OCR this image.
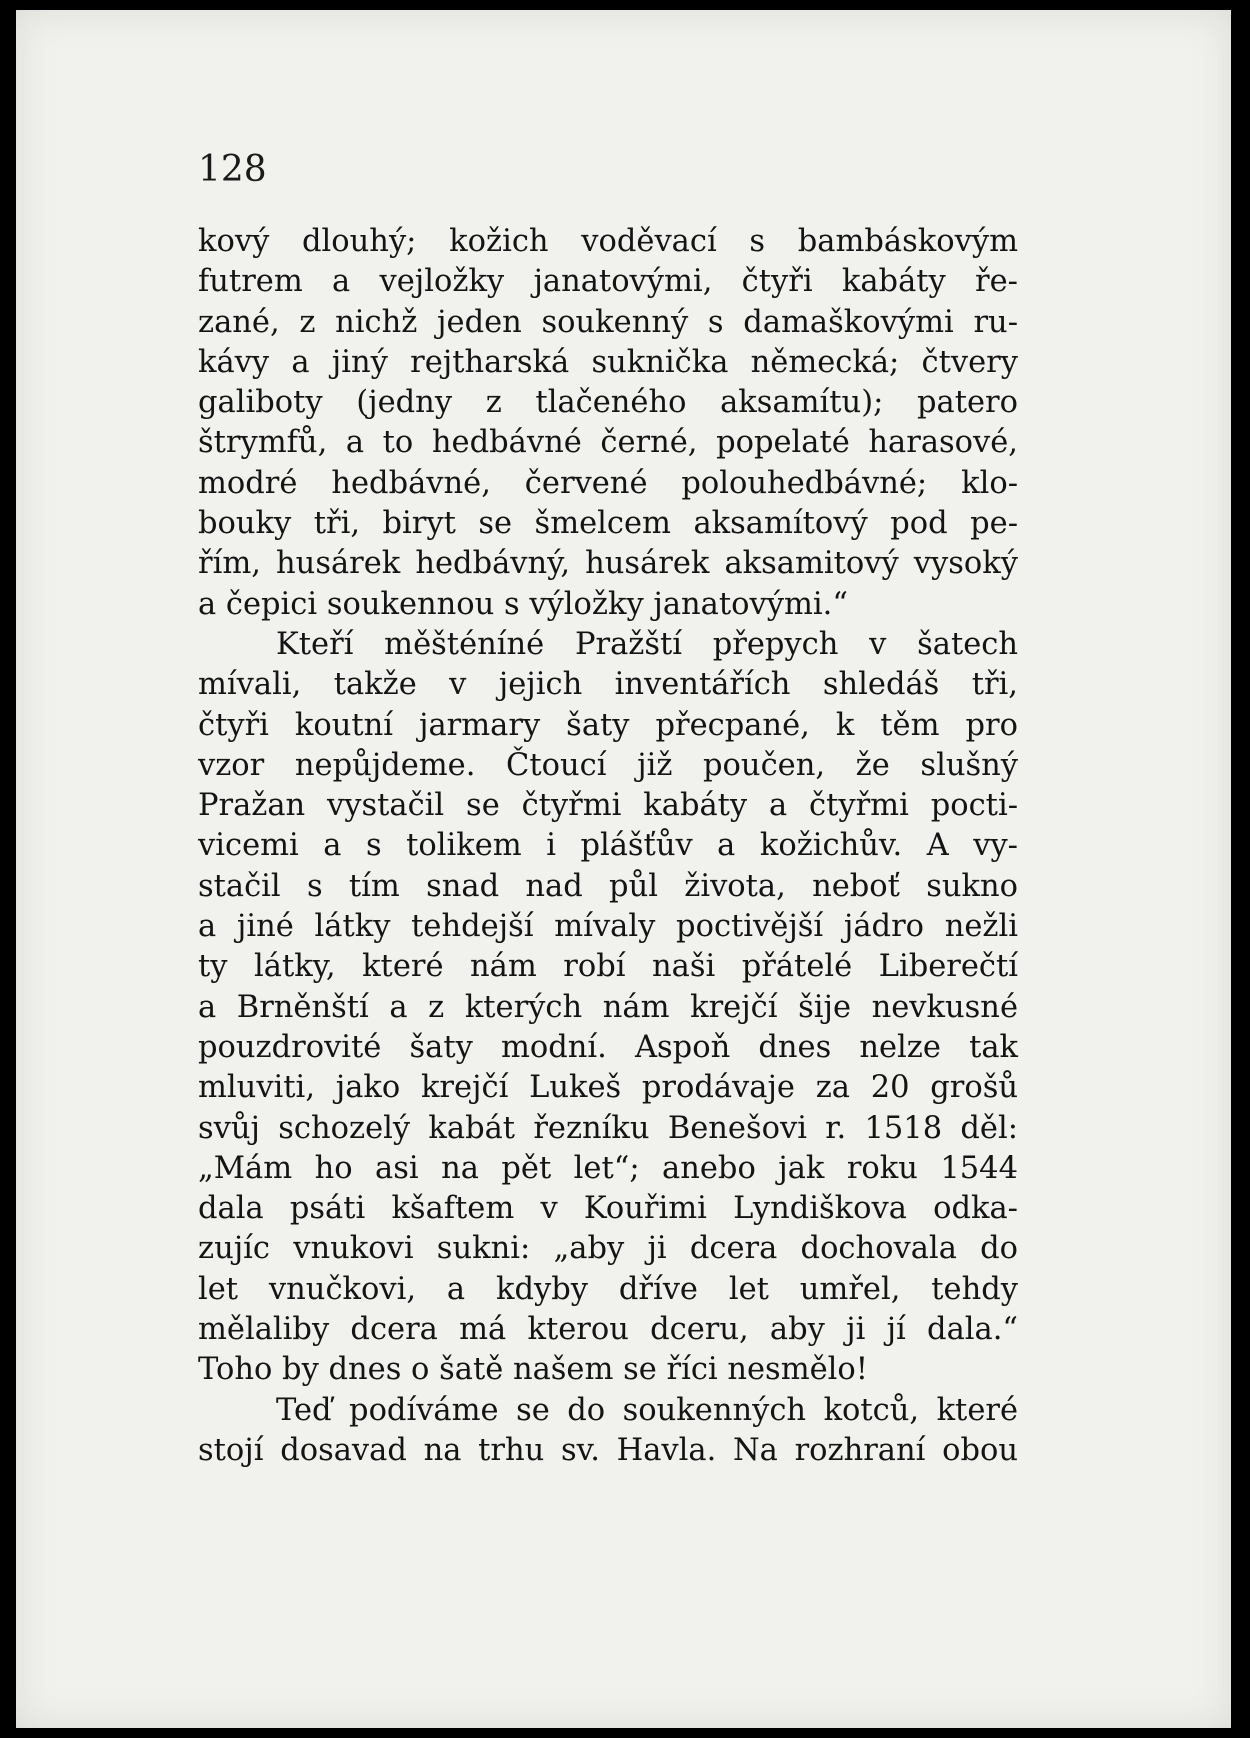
128
kový dlouhý; kožich voděvací s bambáskovým
futrem a vejložky janatovými, čtyři kabáty ře-
zané, z nichž jeden soukenný s damaškovými ru-
kávy a jiný rejtharská suknička německá; čtvery
galiboty (jedny z tlačeného aksamítu); patero
štrymfů, a to hedbávné černé, popelaté harasové,
modré hedbávné, červené polouhedbávné; klo-
bouky tři, biryt se šmelcem aksamítový pod pe-
řím, husárek hedbávný, husárek aksamitový vysoký
a čepici soukennou s výložky janatovými.“
Kteří měšténíné Pražští přepych v šatech
mívali, takže v jejich inventářích shledáš tři,
čtyři koutní jarmary šaty přecpané, k těm pro
vzor nepůjdeme. Čtoucí již poučen, že slušný
Pražan vystačil se čtyřmi kabáty a čtyřmi pocti-
vicemi a s tolikem i plášťův a kožichův. A vy-
stačil s tím snad nad půl života, neboť sukno
a jiné látky tehdejší mívaly poctivější jádro nežli
ty látky, které nám robí naši přátelé Liberečtí
a Brněnští a z kterých nám krejčí šije nevkusné
pouzdrovité šaty modní. Aspoň dnes nelze tak
mluviti, jako krejčí Lukeš prodávaje za 20 grošů
svůj schozelý kabát řezníku Benešovi r. 1518 děl:
„Mám ho asi na pět let“; anebo jak roku 1544
dala psáti kšaftem v Kouřimi Lyndiškova odka-
zujíc vnukovi sukni: „aby ji dcera dochovala do
let vnučkovi, a kdyby dříve let umřel, tehdy
mělaliby dcera má kterou dceru, aby ji jí dala.“
Toho by dnes o šatě našem se říci nesmělo!
Teď podíváme se do soukenných kotců, které
stojí dosavad na trhu sv. Havla. Na rozhraní obou
